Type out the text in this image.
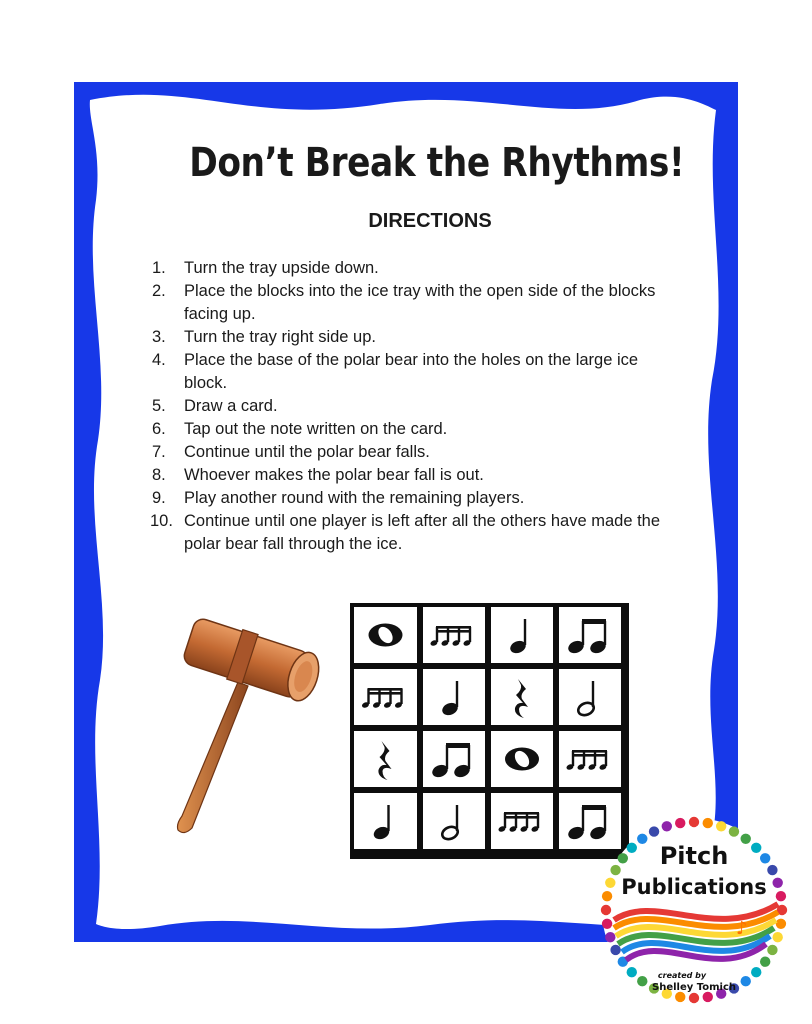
Don’t Break the Rhythms!
DIRECTIONS
1.	Turn the tray upside down.
2.	Place the blocks into the ice tray with the open side of the blocks facing up.
3.	Turn the tray right side up.
4.	Place the base of the polar bear into the holes on the large ice block.
5.	Draw a card.
6.	Tap out the note written on the card.
7.	Continue until the polar bear falls.
8.	Whoever makes the polar bear fall is out.
9.	Play another round with the remaining players.
10. Continue until one player is left after all the others have made the polar bear fall through the ice.
♪
Pitch
Publications
created by
Shelley Tomich
